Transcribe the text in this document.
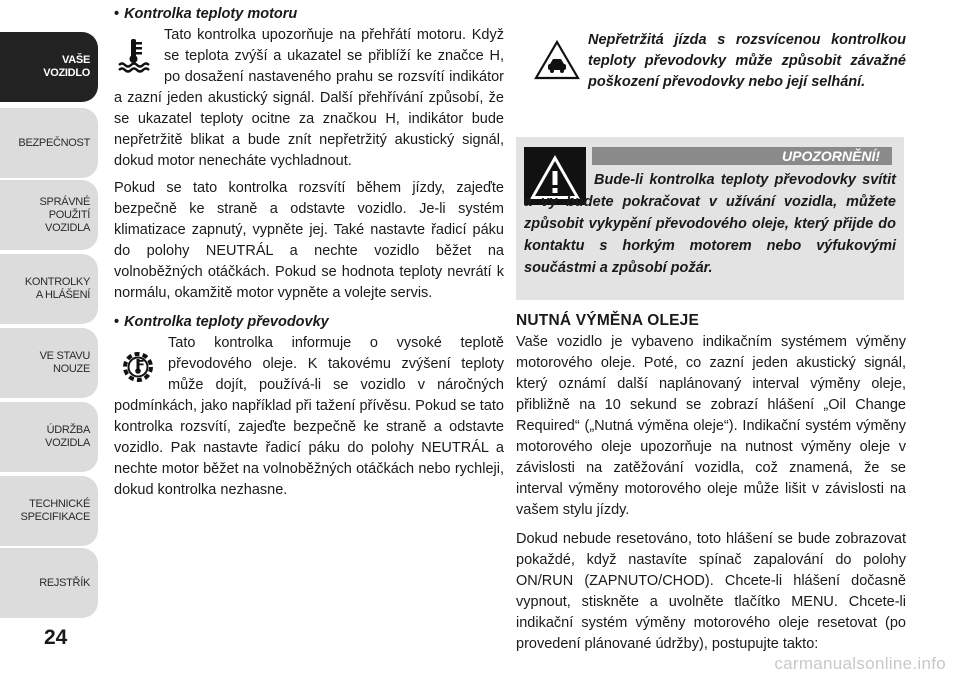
VAŠE
VOZIDLO
BEZPEČNOST
SPRÁVNÉ
POUŽITÍ
VOZIDLA
KONTROLKY
A HLÁŠENÍ
VE STAVU
NOUZE
ÚDRŽBA
VOZIDLA
TECHNICKÉ
SPECIFIKACE
REJSTŘÍK
24

• Kontrolka teploty motoru

Tato kontrolka upozorňuje na přehřátí motoru. Když se teplota zvýší a ukazatel se přiblíží ke značce H, po dosažení nastaveného prahu se rozsvítí indikátor a zazní jeden akustický signál. Další přehřívání způsobí, že se ukazatel teploty ocitne za značkou H, indikátor bude nepřetržitě blikat a bude znít nepřetržitý akustický signál, dokud motor nenecháte vychladnout.

Pokud se tato kontrolka rozsvítí během jízdy, zajeďte bezpečně ke straně a odstavte vozidlo. Je-li systém klimatizace zapnutý, vypněte jej. Také nastavte řadicí páku do polohy NEUTRÁL a nechte vozidlo běžet na volnoběžných otáčkách. Pokud se hodnota teploty nevrátí k normálu, okamžitě motor vypněte a volejte servis.

• Kontrolka teploty převodovky

Tato kontrolka informuje o vysoké teplotě převodového oleje. K takovému zvýšení teploty může dojít, používá-li se vozidlo v náročných podmínkách, jako například při tažení přívěsu. Pokud se tato kontrolka rozsvítí, zajeďte bezpečně ke straně a odstavte vozidlo. Pak nastavte řadicí páku do polohy NEUTRÁL a nechte motor běžet na volnoběžných otáčkách nebo rychleji, dokud kontrolka nezhasne.

Nepřetržitá jízda s rozsvícenou kontrolkou teploty převodovky může způsobit závažné poškození převodovky nebo její selhání.

UPOZORNĚNÍ!
Bude-li kontrolka teploty převodovky svítit a vy budete pokračovat v užívání vozidla, můžete způsobit vykypění převodového oleje, který přijde do kontaktu s horkým motorem nebo výfukovými součástmi a způsobí požár.
NUTNÁ VÝMĚNA OLEJE

Vaše vozidlo je vybaveno indikačním systémem výměny motorového oleje. Poté, co zazní jeden akustický signál, který oznámí další naplánovaný interval výměny oleje, přibližně na 10 sekund se zobrazí hlášení „Oil Change Required“ („Nutná výměna oleje“). Indikační systém výměny motorového oleje upozorňuje na nutnost výměny oleje v závislosti na zatěžování vozidla, což znamená, že se interval výměny motorového oleje může lišit v závislosti na vašem stylu jízdy.

Dokud nebude resetováno, toto hlášení se bude zobrazovat pokaždé, když nastavíte spínač zapalování do polohy ON/RUN (ZAPNUTO/CHOD). Chcete-li hlášení dočasně vypnout, stiskněte a uvolněte tlačítko MENU. Chcete-li indikační systém výměny motorového oleje resetovat (po provedení plánované údržby), postupujte takto:

carmanualsonline.info
